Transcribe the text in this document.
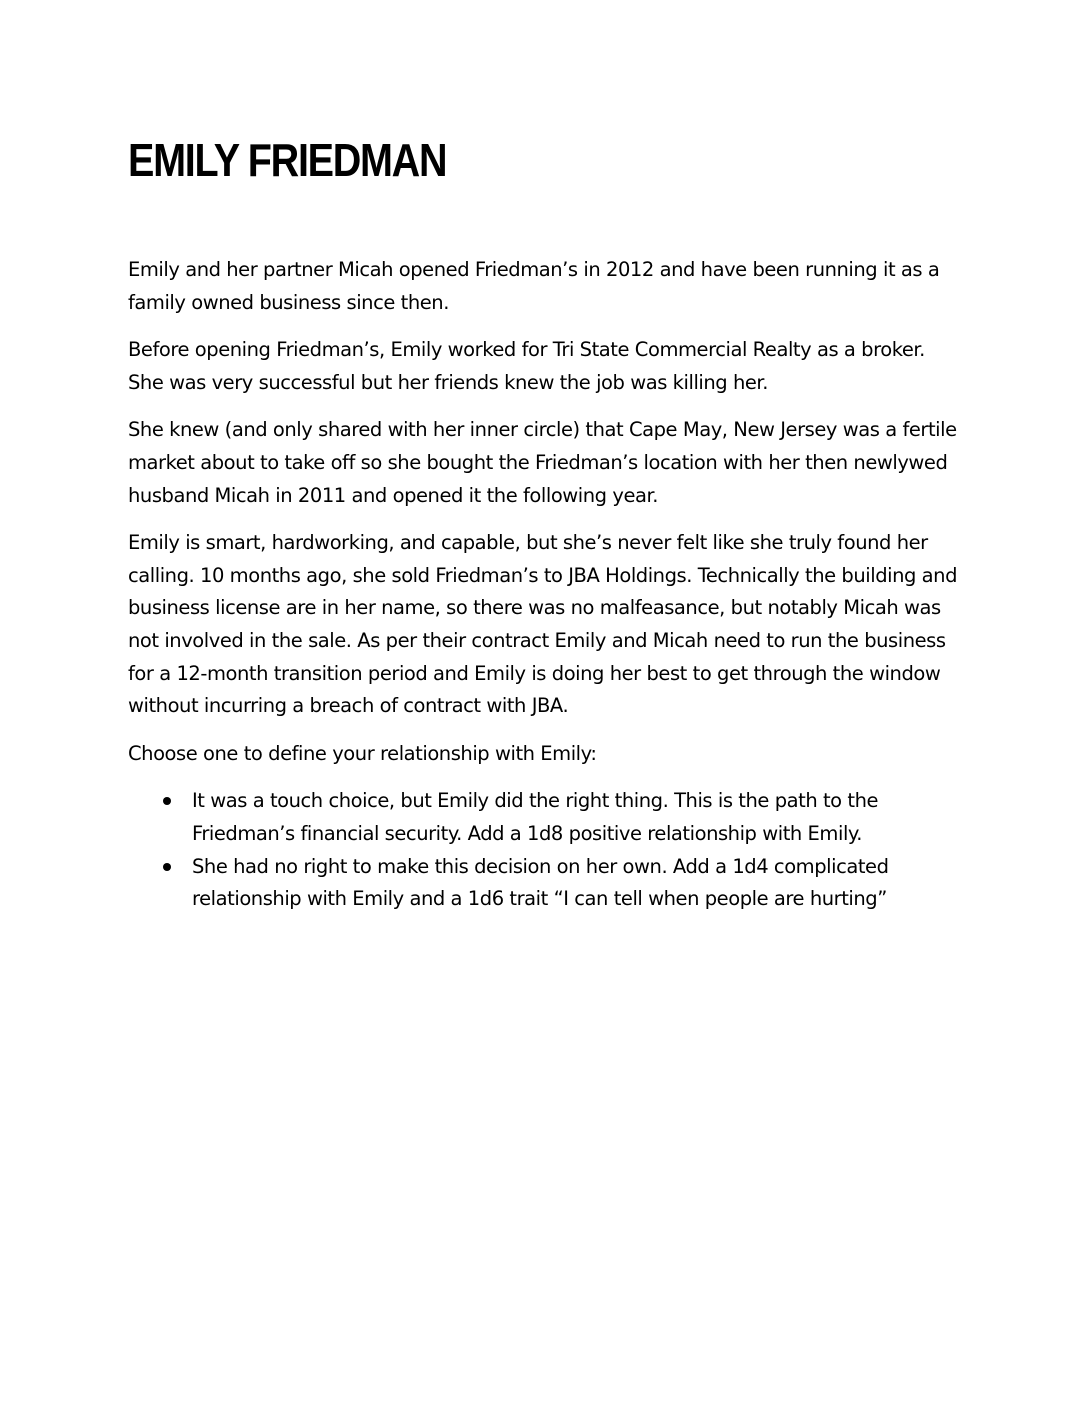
EMILY FRIEDMAN

Emily and her partner Micah opened Friedman’s in 2012 and have been running it as a family owned business since then.

Before opening Friedman’s, Emily worked for Tri State Commercial Realty as a broker. She was very successful but her friends knew the job was killing her.

She knew (and only shared with her inner circle) that Cape May, New Jersey was a fertile market about to take off so she bought the Friedman’s location with her then newlywed husband Micah in 2011 and opened it the following year.

Emily is smart, hardworking, and capable, but she’s never felt like she truly found her calling. 10 months ago, she sold Friedman’s to JBA Holdings. Technically the building and business license are in her name, so there was no malfeasance, but notably Micah was not involved in the sale. As per their contract Emily and Micah need to run the business for a 12-month transition period and Emily is doing her best to get through the window without incurring a breach of contract with JBA.

Choose one to define your relationship with Emily:

It was a touch choice, but Emily did the right thing. This is the path to the Friedman’s financial security. Add a 1d8 positive relationship with Emily.
She had no right to make this decision on her own. Add a 1d4 complicated relationship with Emily and a 1d6 trait “I can tell when people are hurting”
